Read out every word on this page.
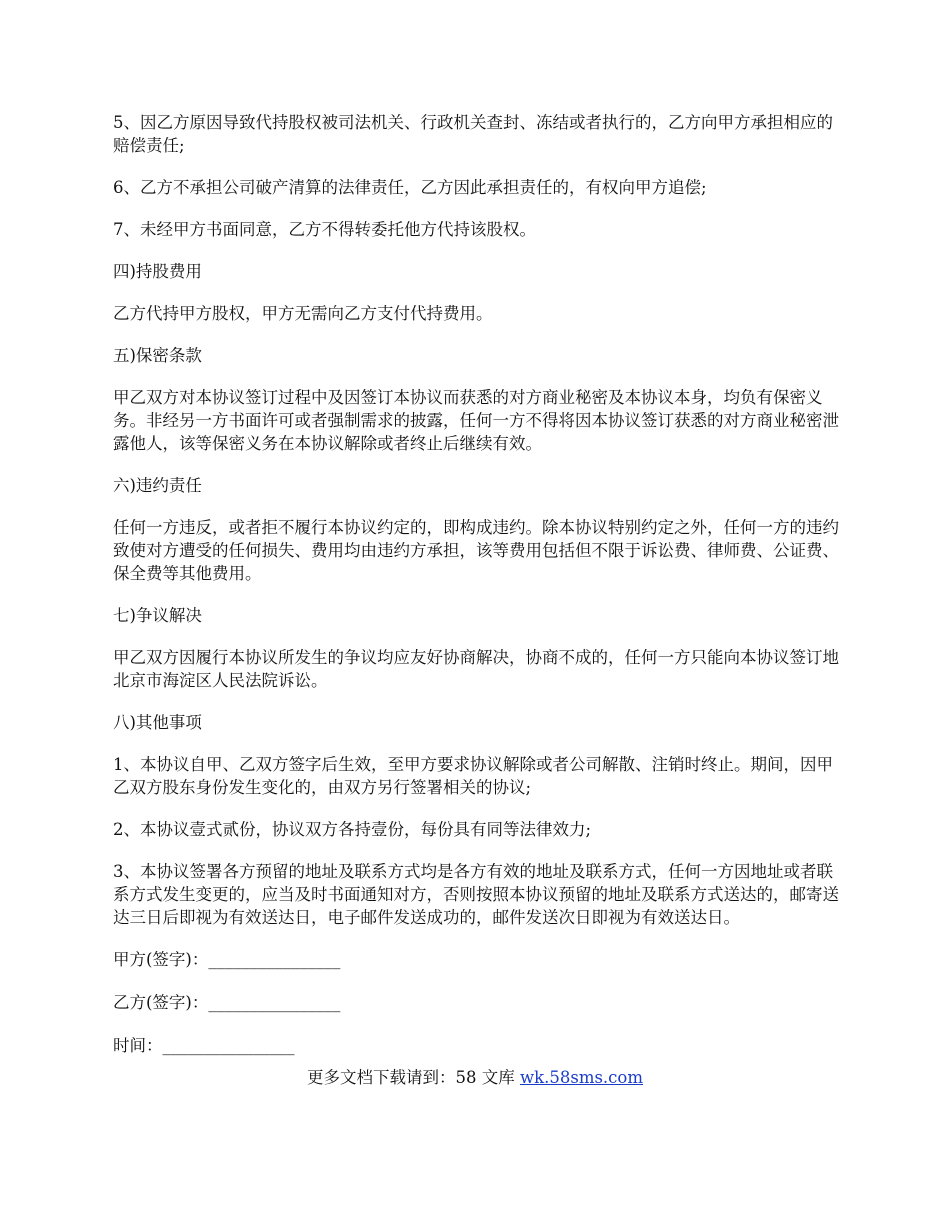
5、因乙方原因导致代持股权被司法机关、行政机关查封、冻结或者执行的，乙方向甲方承担相应的赔偿责任;

6、乙方不承担公司破产清算的法律责任，乙方因此承担责任的，有权向甲方追偿;

7、未经甲方书面同意，乙方不得转委托他方代持该股权。

四)持股费用

乙方代持甲方股权，甲方无需向乙方支付代持费用。

五)保密条款

甲乙双方对本协议签订过程中及因签订本协议而获悉的对方商业秘密及本协议本身，均负有保密义务。非经另一方书面许可或者强制需求的披露，任何一方不得将因本协议签订获悉的对方商业秘密泄露他人，该等保密义务在本协议解除或者终止后继续有效。

六)违约责任

任何一方违反，或者拒不履行本协议约定的，即构成违约。除本协议特别约定之外，任何一方的违约致使对方遭受的任何损失、费用均由违约方承担，该等费用包括但不限于诉讼费、律师费、公证费、保全费等其他费用。

七)争议解决

甲乙双方因履行本协议所发生的争议均应友好协商解决，协商不成的，任何一方只能向本协议签订地北京市海淀区人民法院诉讼。

八)其他事项

1、本协议自甲、乙双方签字后生效，至甲方要求协议解除或者公司解散、注销时终止。期间，因甲乙双方股东身份发生变化的，由双方另行签署相关的协议;

2、本协议壹式贰份，协议双方各持壹份，每份具有同等法律效力;

3、本协议签署各方预留的地址及联系方式均是各方有效的地址及联系方式，任何一方因地址或者联系方式发生变更的，应当及时书面通知对方，否则按照本协议预留的地址及联系方式送达的，邮寄送达三日后即视为有效送达日，电子邮件发送成功的，邮件发送次日即视为有效送达日。

甲方(签字)：________________

乙方(签字)：________________

时间：________________

更多文档下载请到：58 文库 wk.58sms.com
